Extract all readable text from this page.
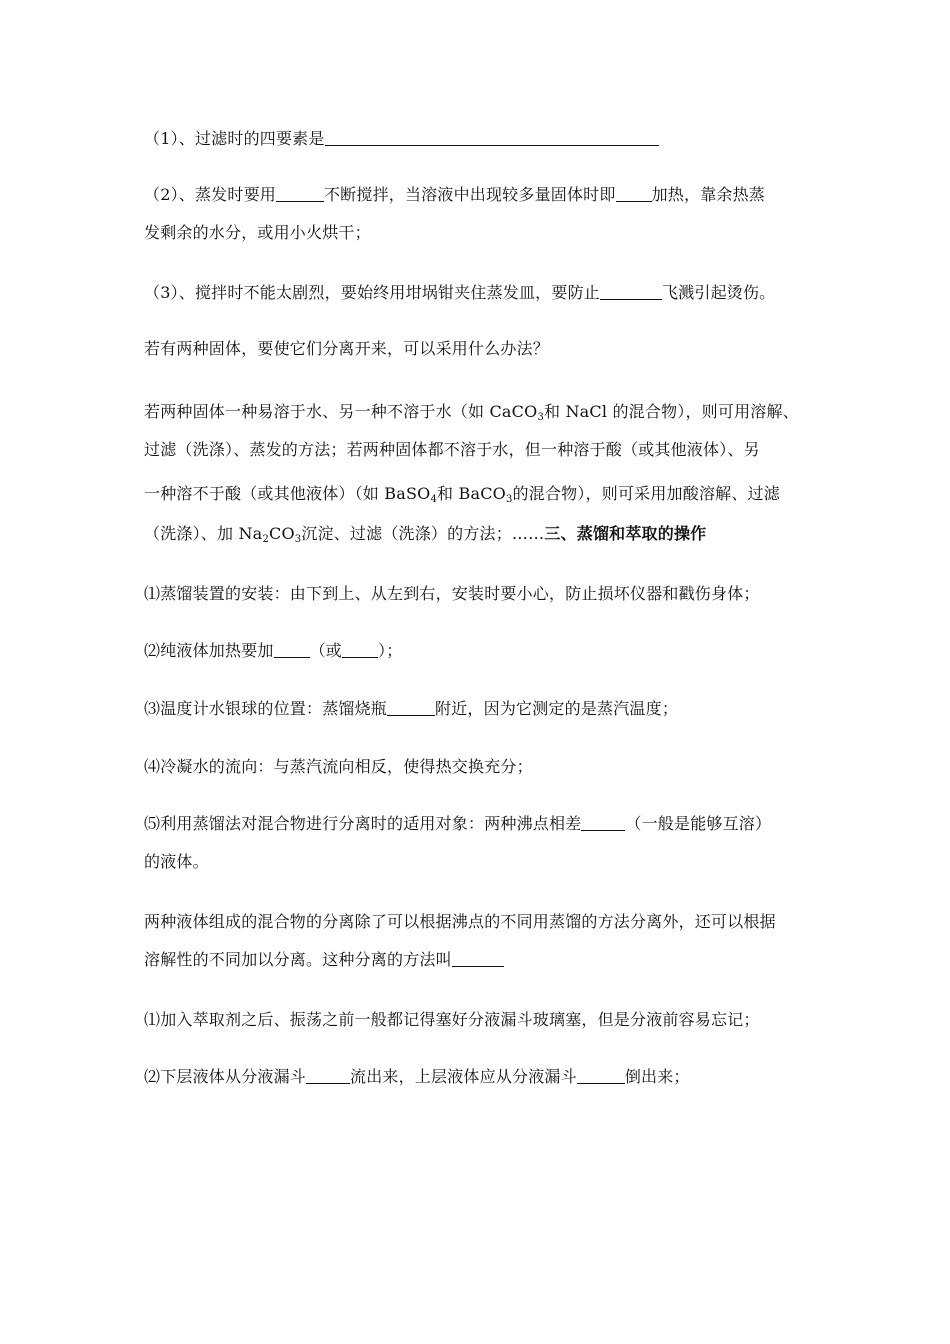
（1）、过滤时的四要素是
（2）、蒸发时要用	不断搅拌，当溶液中出现较多量固体时即 加热，靠余热蒸
发剩余的水分，或用小火烘干；
（3）、搅拌时不能太剧烈，要始终用坩埚钳夹住蒸发皿，要防止	飞溅引起烫伤。
若有两种固体，要使它们分离开来，可以采用什么办法？
若两种固体一种易溶于水、另一种不溶于水（如 CaCO$_3$和 NaCl 的混合物），则可用溶解、
过滤（洗涤）、蒸发的方法；若两种固体都不溶于水，但一种溶于酸（或其他液体）、另
一种溶不于酸（或其他液体）（如 BaSO$_4$和 BaCO$_3$的混合物），则可采用加酸溶解、过滤
（洗涤）、加 $Na_2CO_3$沉淀、过滤（洗涤）的方法；……三、蒸馏和萃取的操作
⑴蒸馏装置的安装：由下到上、从左到右，安装时要小心，防止损坏仪器和戳伤身体；
⑵纯液体加热要加 （或 ）；
⑶温度计水银球的位置：蒸馏烧瓶	附近，因为它测定的是蒸汽温度；
⑷冷凝水的流向：与蒸汽流向相反，使得热交换充分；
⑸利用蒸馏法对混合物进行分离时的适用对象：两种沸点相差	（一般是能够互溶）
的液体。
两种液体组成的混合物的分离除了可以根据沸点的不同用蒸馏的方法分离外，还可以根据
溶解性的不同加以分离。这种分离的方法叫
⑴加入萃取剂之后、振荡之前一般都记得塞好分液漏斗玻璃塞，但是分液前容易忘记；
⑵下层液体从分液漏斗	流出来，上层液体应从分液漏斗	倒出来；
